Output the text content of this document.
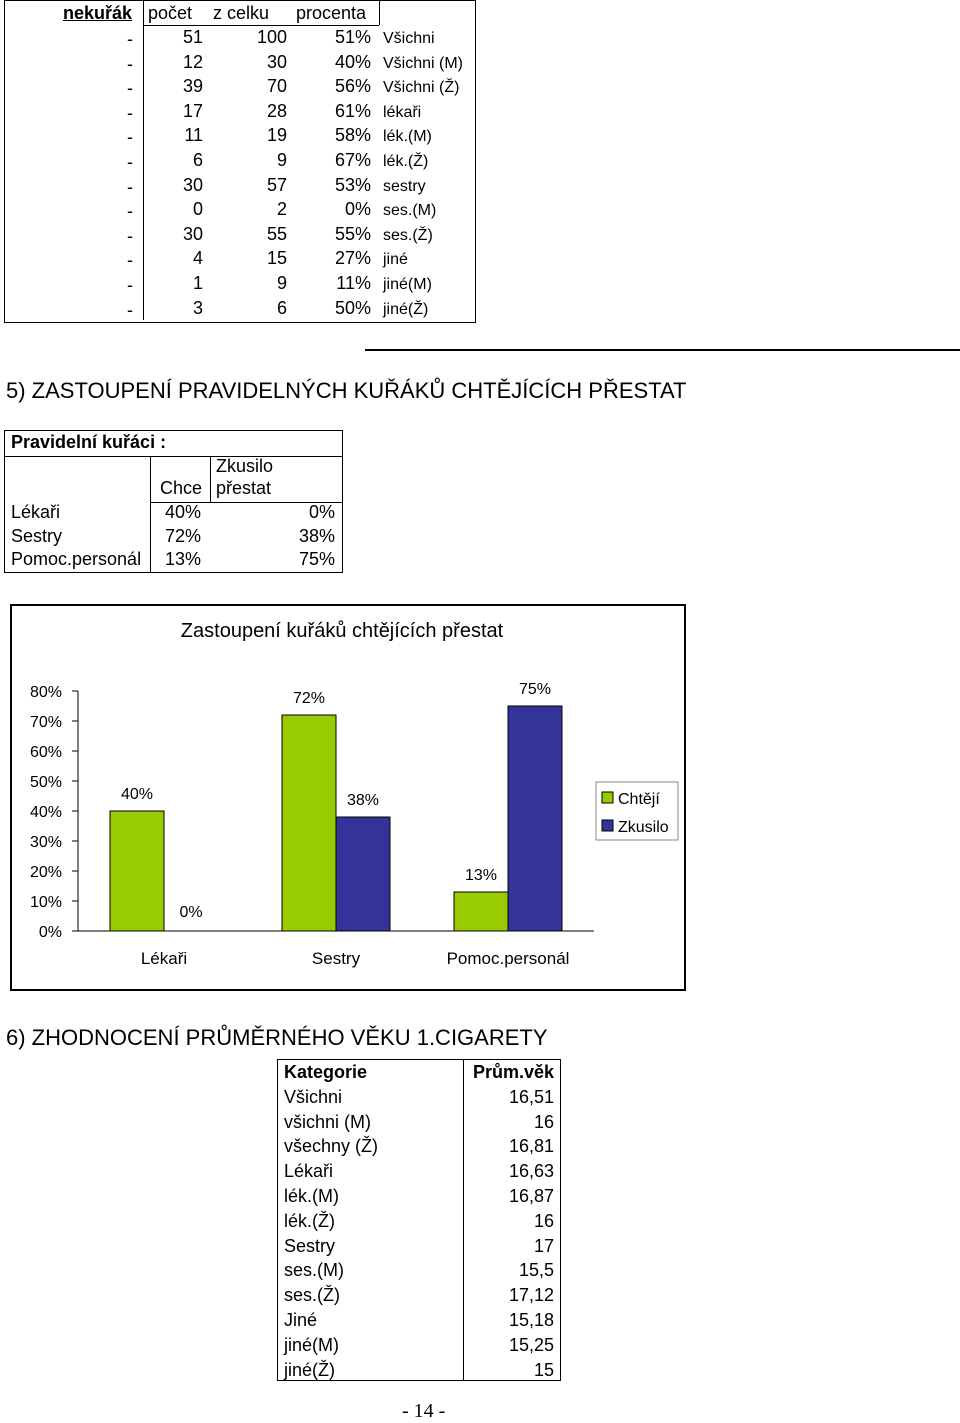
nekuřák počet z celku procenta
-	51	100	51% Všichni
-	12	30	40% Všichni (M)
-	39	70	56% Všichni (Ž)
-	17	28	61% lékaři
-	11	19	58% lék.(M)
-	6	9	67% lék.(Ž)
-	30	57	53% sestry
-	0	2	0% ses.(M)
-	30	55	55% ses.(Ž)
-	4	15	27% jiné
-	1	9	11% jiné(M)
-	3	6	50% jiné(Ž)
5) ZASTOUPENÍ PRAVIDELNÝCH KUŘÁKŮ CHTĚJÍCÍCH PŘESTAT
Pravidelní kuřáci :
Chce
Zkusilo
přestat
Lékaři	40%	0%
Sestry	72%	38%
Pomoc.personál 13%	75%
Zastoupení kuřáků chtějících přestat
0%
10%
20%
30%
40%
50%
60%
70%
80%
Lékaři
40%
0%
Sestry
72%
38%
Pomoc.personál
13%
75%
Chtějí
Zkusilo
6) ZHODNOCENÍ PRŮMĚRNÉHO VĚKU 1.CIGARETY
Kategorie	Prům.věk
Všichni	16,51
všichni (M)	16
všechny (Ž)	16,81
Lékaři	16,63
lék.(M)	16,87
lék.(Ž)	16
Sestry	17
ses.(M)	15,5
ses.(Ž)	17,12
Jiné	15,18
jiné(M)	15,25
jiné(Ž)	15
- 14 -
